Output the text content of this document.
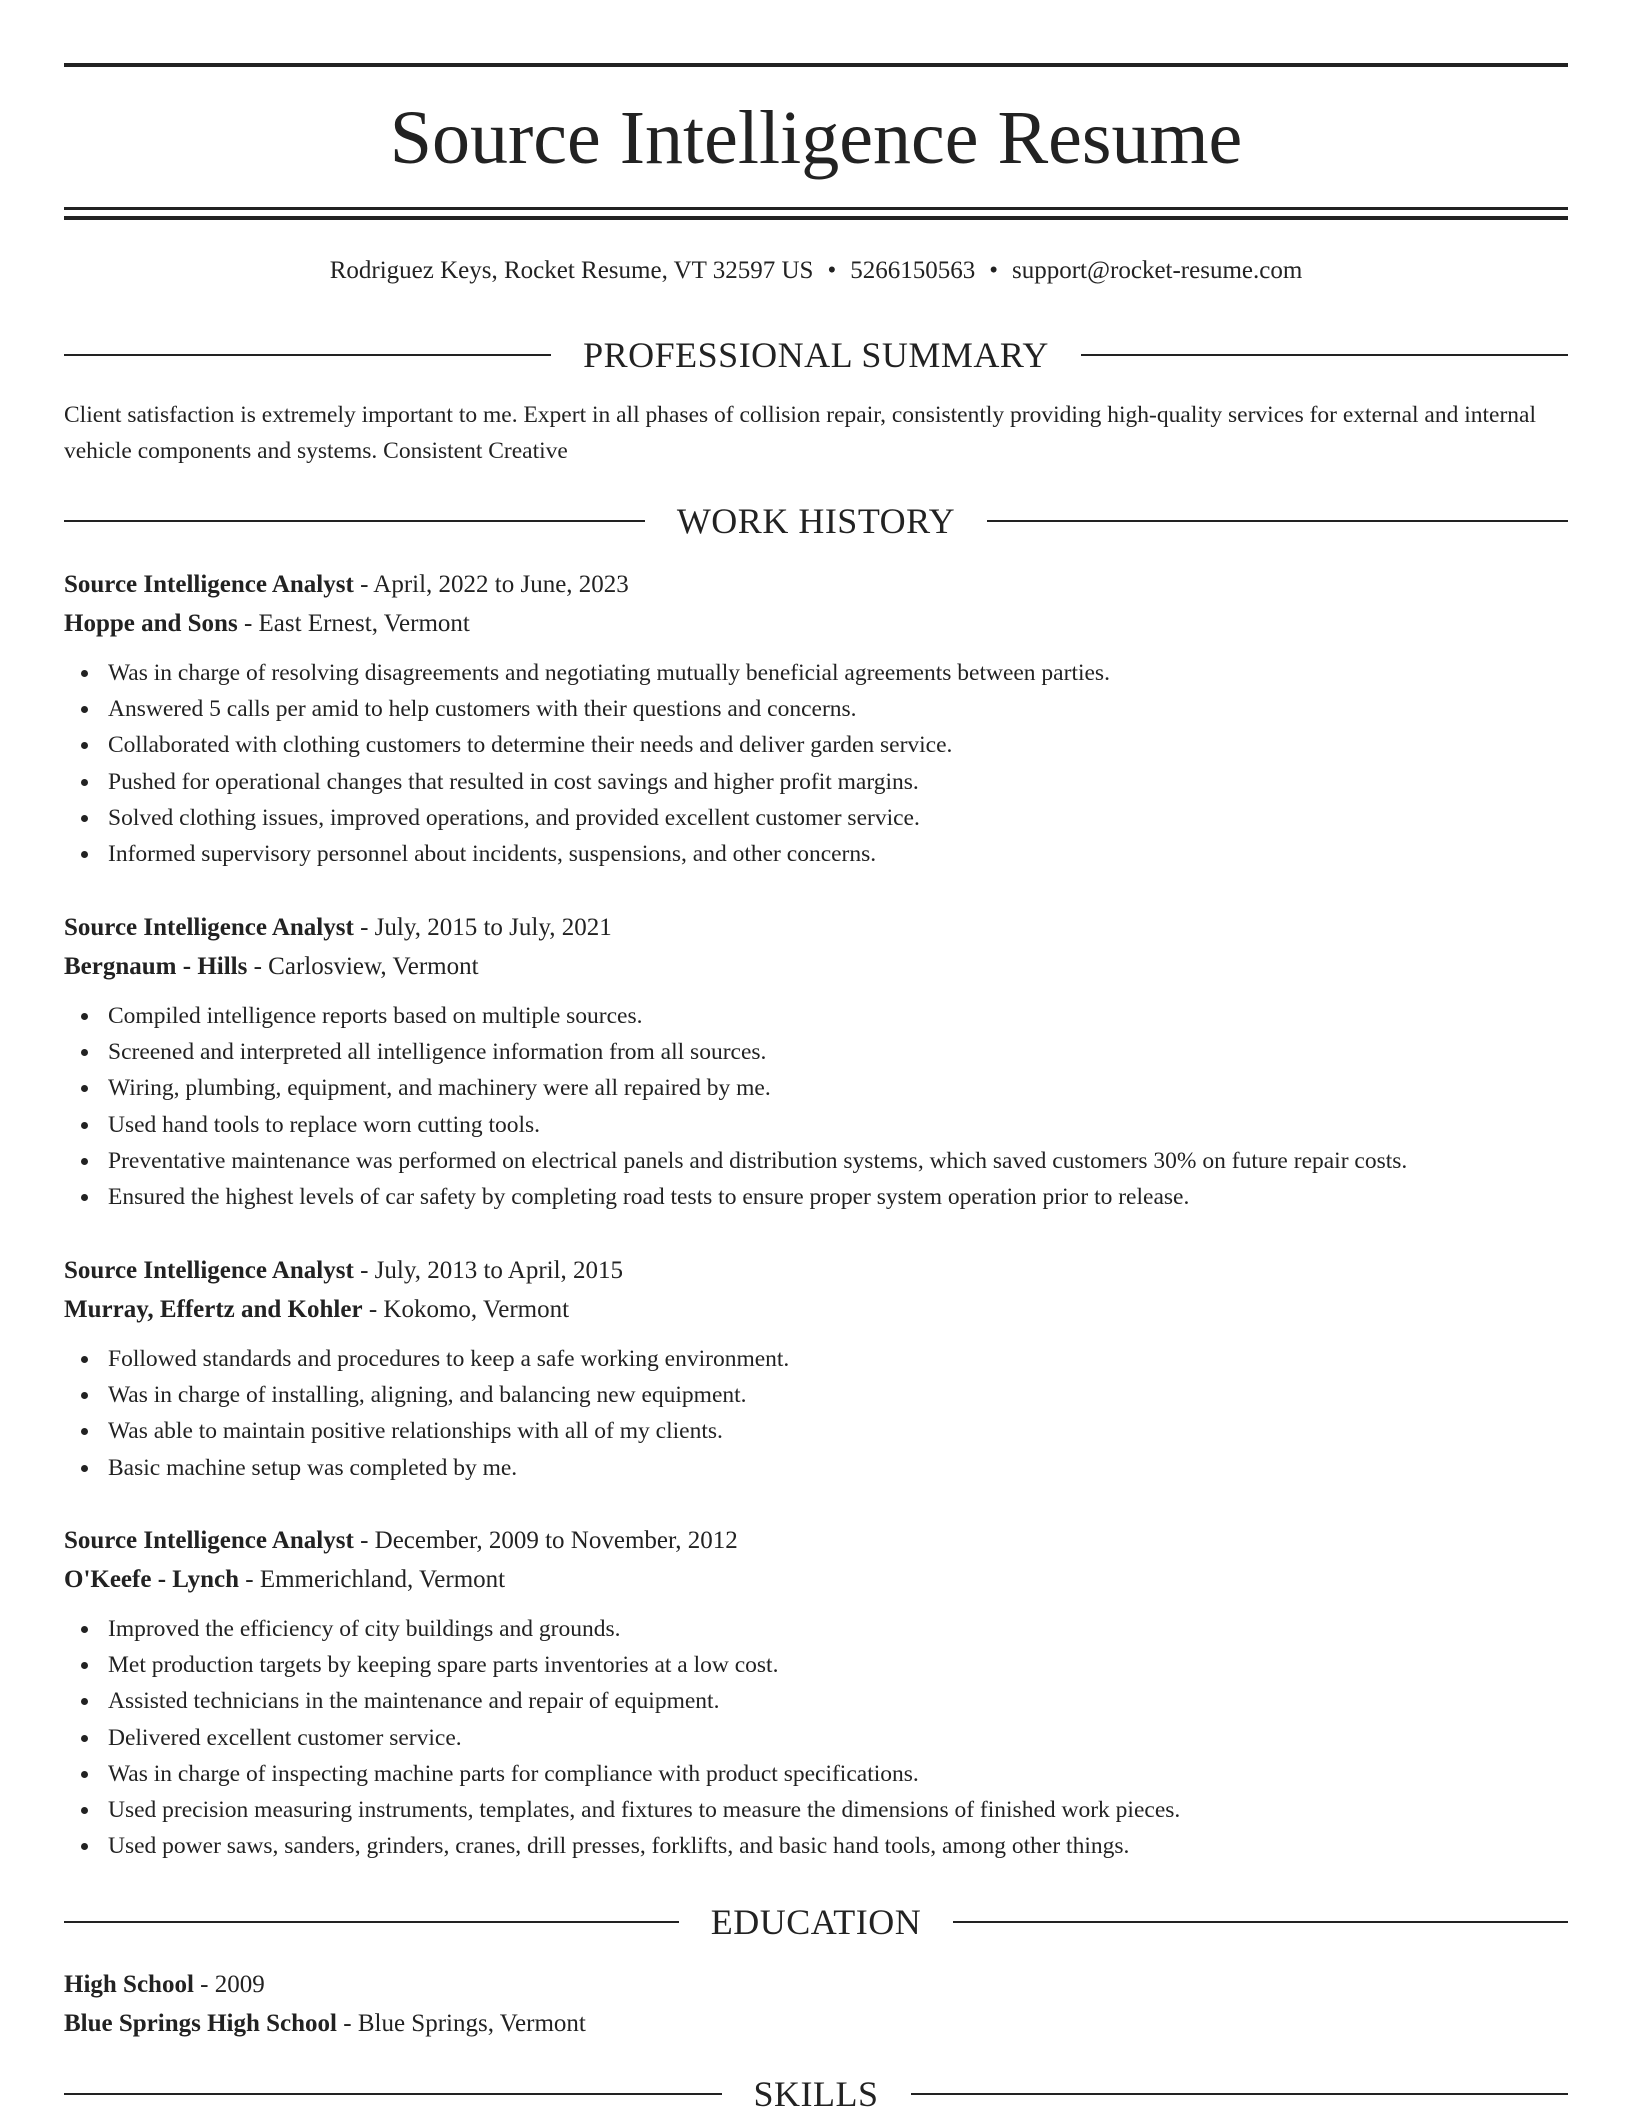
Source Intelligence Resume
Rodriguez Keys, Rocket Resume, VT 32597 US • 5266150563 • support@rocket-resume.com
PROFESSIONAL SUMMARY

Client satisfaction is extremely important to me. Expert in all phases of collision repair, consistently providing high-quality services for external and internal vehicle components and systems. Consistent Creative

WORK HISTORY

Source Intelligence Analyst - April, 2022 to June, 2023

Hoppe and Sons - East Ernest, Vermont

Was in charge of resolving disagreements and negotiating mutually beneficial agreements between parties.
Answered 5 calls per amid to help customers with their questions and concerns.
Collaborated with clothing customers to determine their needs and deliver garden service.
Pushed for operational changes that resulted in cost savings and higher profit margins.
Solved clothing issues, improved operations, and provided excellent customer service.
Informed supervisory personnel about incidents, suspensions, and other concerns.

Source Intelligence Analyst - July, 2015 to July, 2021

Bergnaum - Hills - Carlosview, Vermont

Compiled intelligence reports based on multiple sources.
Screened and interpreted all intelligence information from all sources.
Wiring, plumbing, equipment, and machinery were all repaired by me.
Used hand tools to replace worn cutting tools.
Preventative maintenance was performed on electrical panels and distribution systems, which saved customers 30% on future repair costs.
Ensured the highest levels of car safety by completing road tests to ensure proper system operation prior to release.

Source Intelligence Analyst - July, 2013 to April, 2015

Murray, Effertz and Kohler - Kokomo, Vermont

Followed standards and procedures to keep a safe working environment.
Was in charge of installing, aligning, and balancing new equipment.
Was able to maintain positive relationships with all of my clients.
Basic machine setup was completed by me.

Source Intelligence Analyst - December, 2009 to November, 2012

O'Keefe - Lynch - Emmerichland, Vermont

Improved the efficiency of city buildings and grounds.
Met production targets by keeping spare parts inventories at a low cost.
Assisted technicians in the maintenance and repair of equipment.
Delivered excellent customer service.
Was in charge of inspecting machine parts for compliance with product specifications.
Used precision measuring instruments, templates, and fixtures to measure the dimensions of finished work pieces.
Used power saws, sanders, grinders, cranes, drill presses, forklifts, and basic hand tools, among other things.
EDUCATION

High School - 2009

Blue Springs High School - Blue Springs, Vermont

SKILLS
